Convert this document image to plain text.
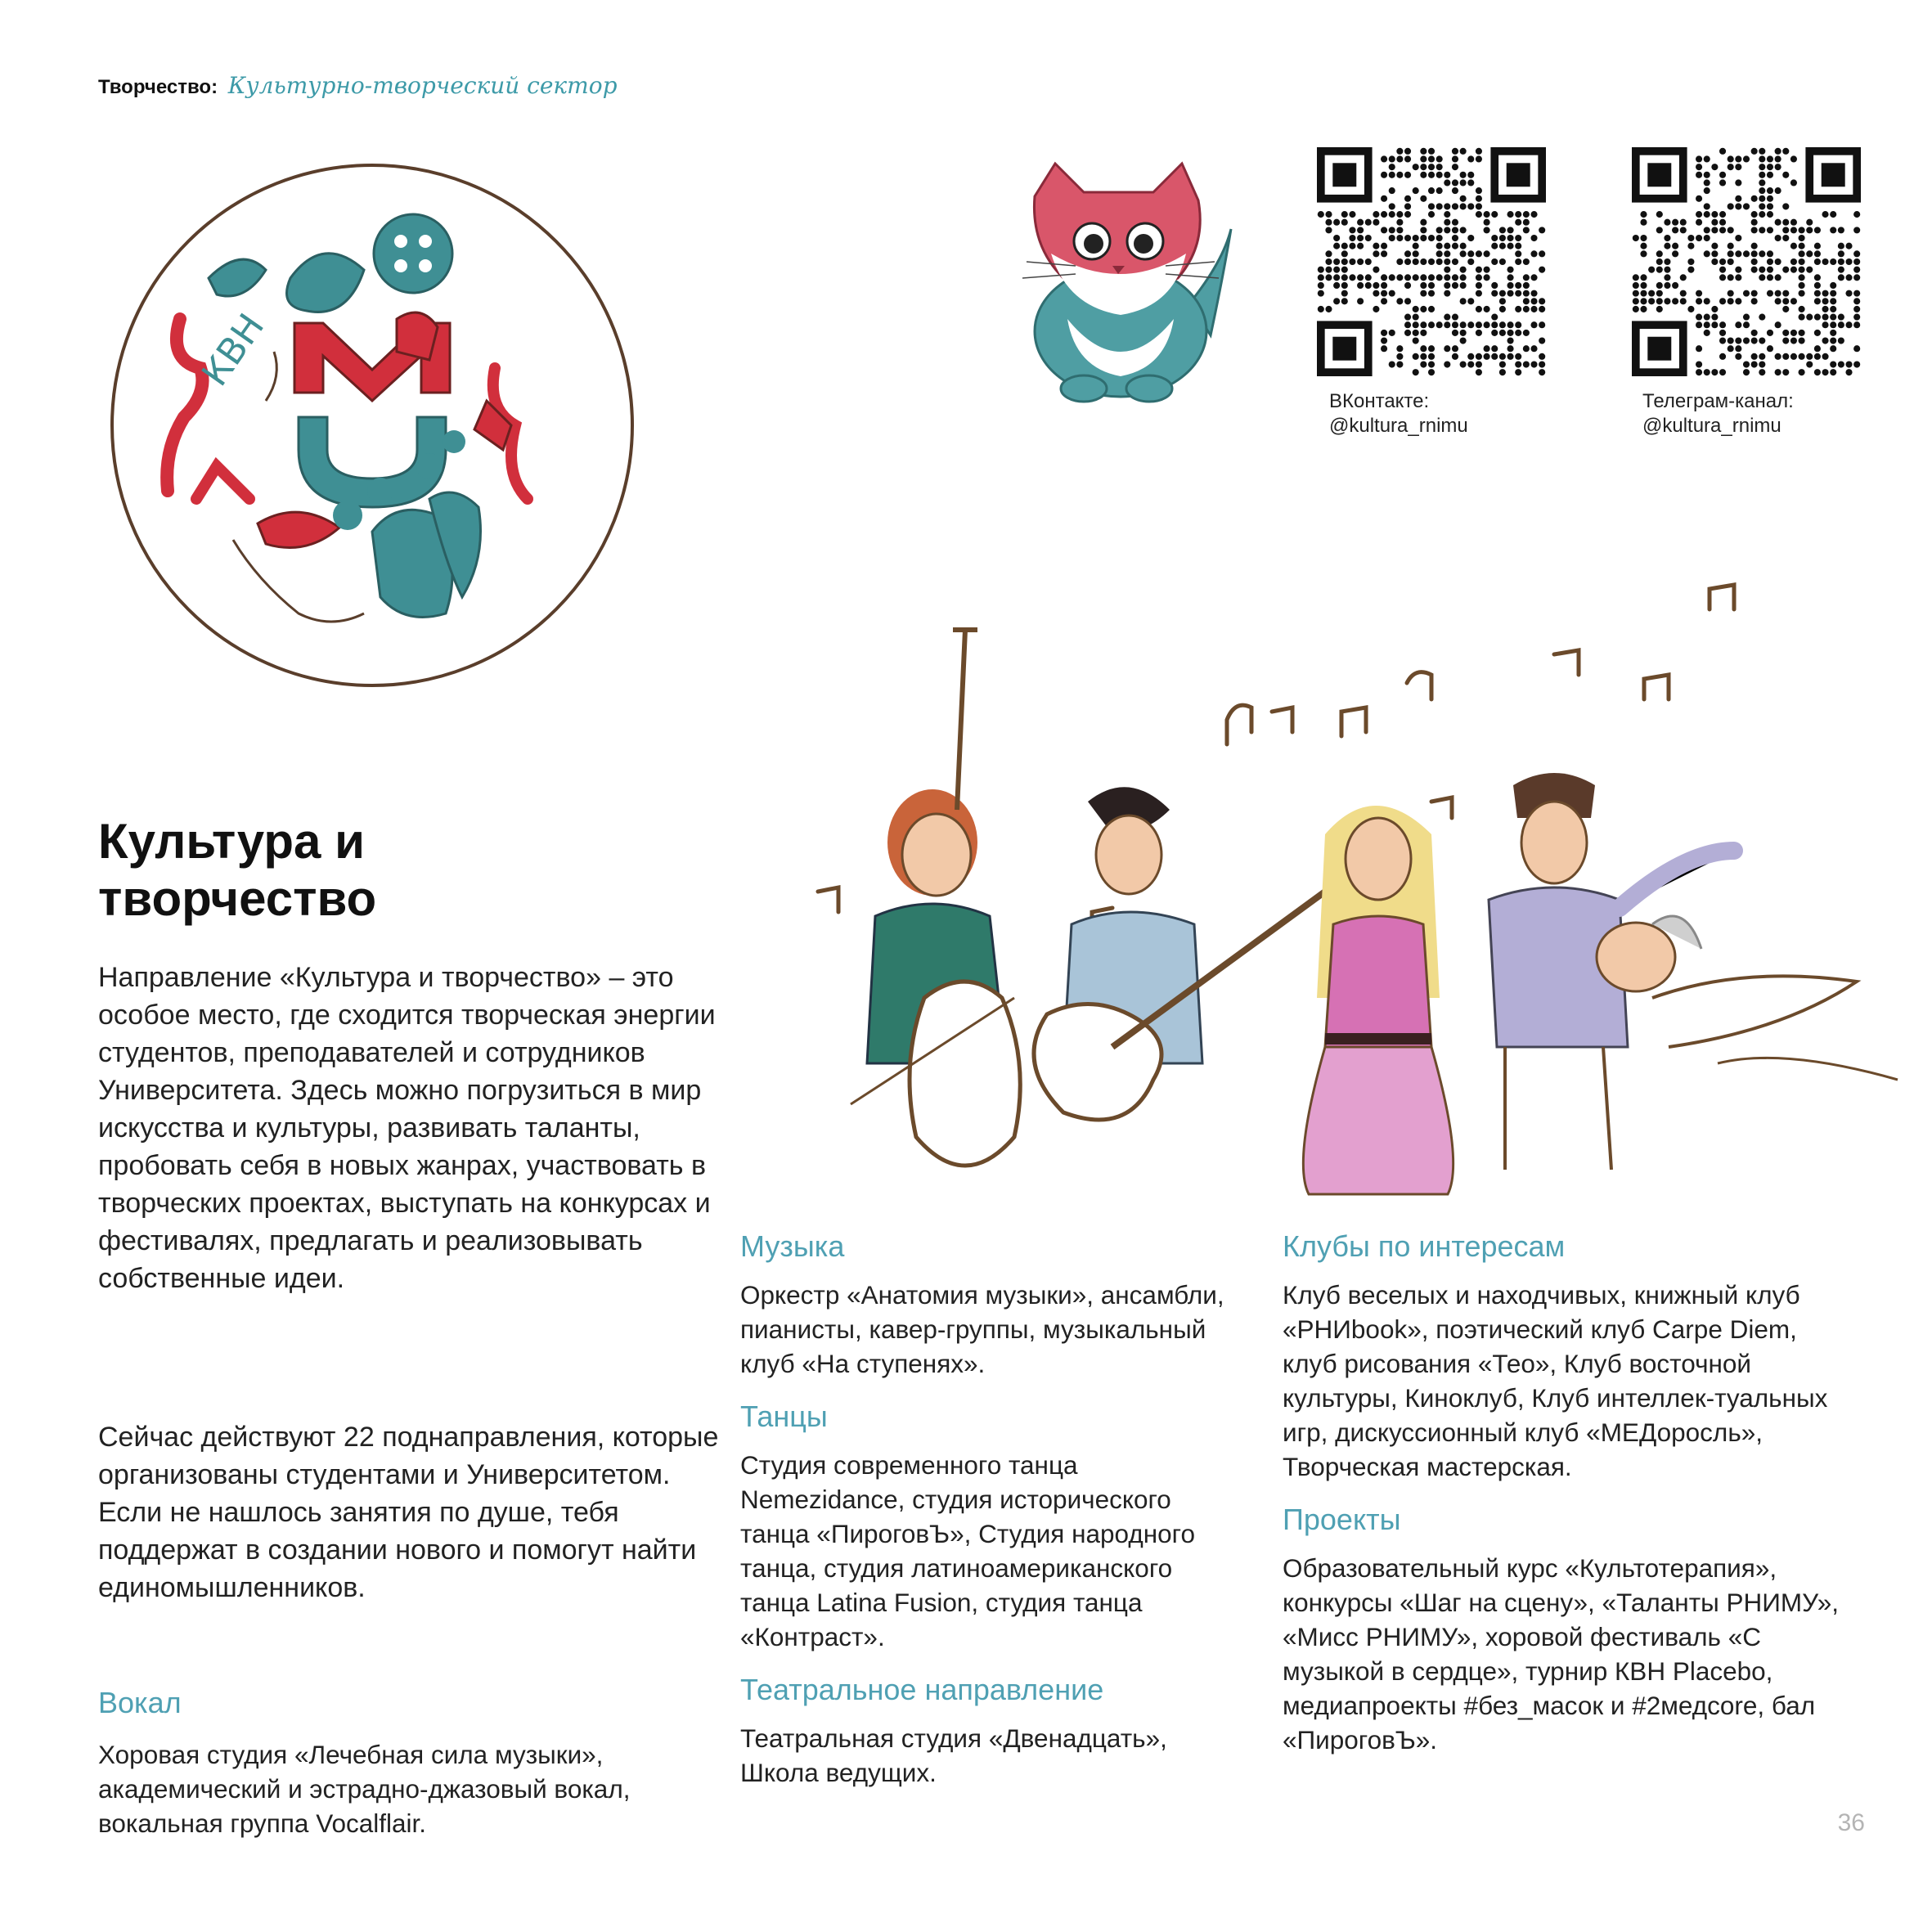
Творчество: Культурно-творческий сектор
КВН
ВКонтакте:
@kultura_rnimu
Телеграм-канал:
@kultura_rnimu
Культура и
творчество
Направление «Культура и творчество» – это особое место, где сходится творческая энергии студентов, преподавателей и сотрудников Университета. Здесь можно погрузиться в мир искусства и культуры, развивать таланты, пробовать себя в новых жанрах, участвовать в творческих проектах, выступать на конкурсах и фестивалях, предлагать и реализовывать собственные идеи.
Сейчас действуют 22 поднаправления, которые организованы студентами и Университетом. Если не нашлось занятия по душе, тебя поддержат в создании нового и помогут найти единомышленников.
Вокал
Хоровая студия «Лечебная сила музыки», академический и эстрадно-джазовый вокал, вокальная группа Vocalflair.
Музыка
Оркестр «Анатомия музыки», ансамбли, пианисты, кавер-группы, музыкальный клуб «На ступенях».
Танцы
Студия современного танца Nemezidance, студия исторического танца «ПироговЪ», Студия народного танца, студия латиноамериканского танца Latina Fusion, студия танца «Контраст».
Театральное направление
Театральная студия «Двенадцать», Школа ведущих.
Клубы по интересам
Клуб веселых и находчивых, книжный клуб «РНИbook», поэтический клуб Carpe Diem, клуб рисования «Тео», Клуб восточной культуры, Киноклуб, Клуб интеллек-туальных игр, дискуссионный клуб «МЕДоросль», Творческая мастерская.
Проекты
Образовательный курс «Культотерапия», конкурсы «Шаг на сцену», «Таланты РНИМУ», «Мисс РНИМУ», хоровой фестиваль «С музыкой в сердце», турнир КВН Placebo, медиапроекты #без_масок и #2медcore, бал «ПироговЪ».
36
